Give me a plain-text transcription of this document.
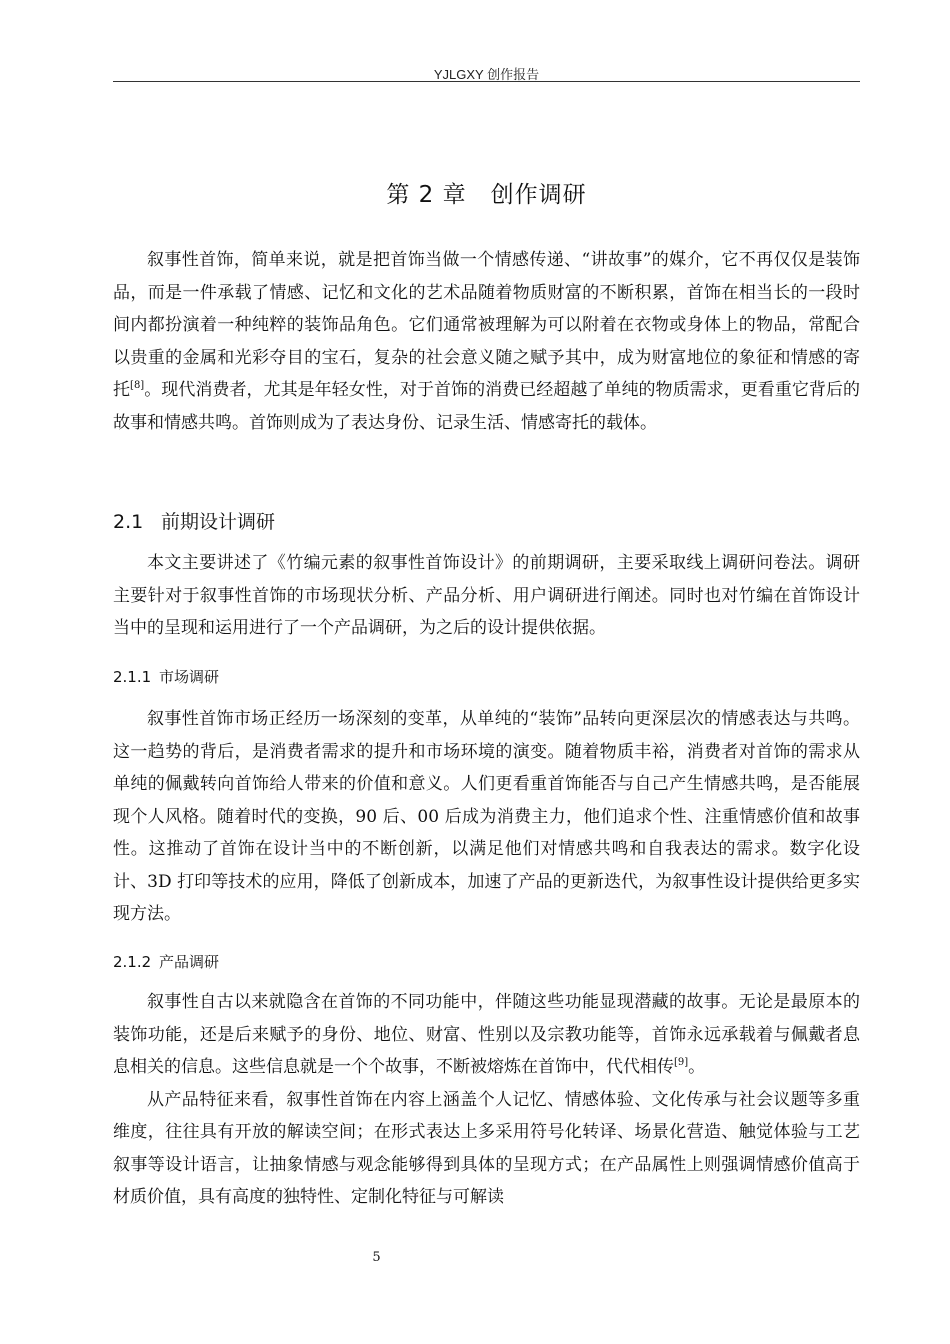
YJLGXY 创作报告
第 2 章　创作调研

叙事性首饰，简单来说，就是把首饰当做一个情感传递、“讲故事”的媒介，它不再仅仅是装饰品，而是一件承载了情感、记忆和文化的艺术品随着物质财富的不断积累，首饰在相当长的一段时间内都扮演着一种纯粹的装饰品角色。它们通常被理解为可以附着在衣物或身体上的物品，常配合以贵重的金属和光彩夺目的宝石，复杂的社会意义随之赋予其中，成为财富地位的象征和情感的寄托[8]。现代消费者，尤其是年轻女性，对于首饰的消费已经超越了单纯的物质需求，更看重它背后的故事和情感共鸣。首饰则成为了表达身份、记录生活、情感寄托的载体。

2.1 前期设计调研

本文主要讲述了《竹编元素的叙事性首饰设计》的前期调研，主要采取线上调研问卷法。调研主要针对于叙事性首饰的市场现状分析、产品分析、用户调研进行阐述。同时也对竹编在首饰设计当中的呈现和运用进行了一个产品调研，为之后的设计提供依据。

2.1.1 市场调研

叙事性首饰市场正经历一场深刻的变革，从单纯的“装饰”品转向更深层次的情感表达与共鸣。这一趋势的背后，是消费者需求的提升和市场环境的演变。随着物质丰裕，消费者对首饰的需求从单纯的佩戴转向首饰给人带来的价值和意义。人们更看重首饰能否与自己产生情感共鸣，是否能展现个人风格。随着时代的变换，90 后、00 后成为消费主力，他们追求个性、注重情感价值和故事性。这推动了首饰在设计当中的不断创新，以满足他们对情感共鸣和自我表达的需求。数字化设计、3D 打印等技术的应用，降低了创新成本，加速了产品的更新迭代，为叙事性设计提供给更多实现方法。

2.1.2 产品调研

叙事性自古以来就隐含在首饰的不同功能中，伴随这些功能显现潜藏的故事。无论是最原本的装饰功能，还是后来赋予的身份、地位、财富、性别以及宗教功能等，首饰永远承载着与佩戴者息息相关的信息。这些信息就是一个个故事，不断被熔炼在首饰中，代代相传[9]。

从产品特征来看，叙事性首饰在内容上涵盖个人记忆、情感体验、文化传承与社会议题等多重维度，往往具有开放的解读空间；在形式表达上多采用符号化转译、场景化营造、触觉体验与工艺叙事等设计语言，让抽象情感与观念能够得到具体的呈现方式；在产品属性上则强调情感价值高于材质价值，具有高度的独特性、定制化特征与可解读

5
